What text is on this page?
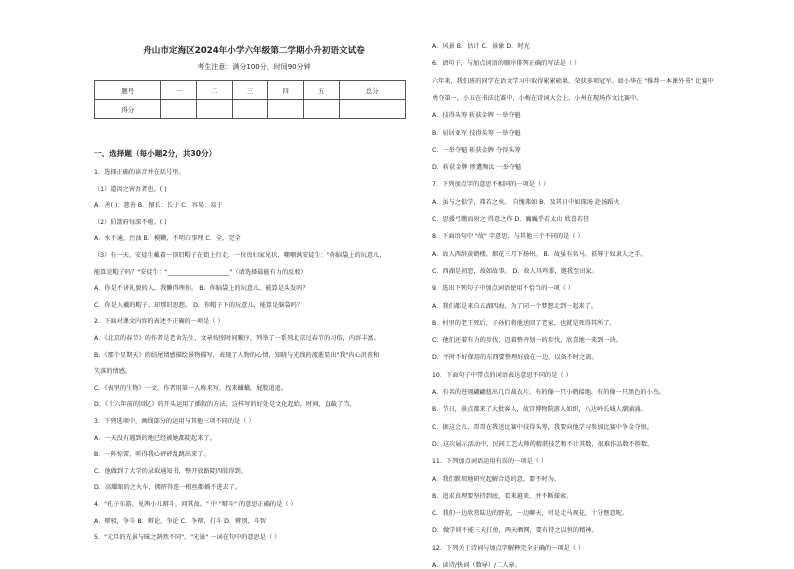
舟山市定海区2024年小学六年级第二学期小升初语文试卷
考生注意：满分100分，时间90分钟
题号	一	二	三	四	五	总分
得分						
一、选择题（每小题2分，共30分）
1．选择正确的读音并在括号里。
（1）道因之害吾者也。( )
A．善( )：慈善 B．擅长：长于 C．容易：易于
（2）伯箭府每深不啦。( )
A．水不通，污浊 B．模糊，不明白事理 C．全，完全
（3）有一天，安徒生戴着一顶旧帽子在街上行走，一位贵妇家见状，嘲嘲讽安徒生："你脑袋上的玩意儿，
能算是帽子吗？"安徒生："____________________"（请选择最能有力的反驳）
A．你是不讲礼貌的人，我懒得理你。 B．你脑袋上的玩意儿，能算是头发吗？
C．你是人戴的帽子，却那旧思想。 D．你帽子下的玩意儿，能算是脑袋吗？
2．下面对课文内容的表述不正确的一项是（ ）
A．《北京的春节》的作者是老舍先生，文章按照时间顺序，列举了一系列北京过春节的习俗，内容丰富。
B．《那个星期天》的结尾情感描绘景物描写，表现了人物的心情，知晓与光线的流逝显出"我"内心沮丧和
失落的情感。
C．《表里的生物》一文，作者用第一人称来写，找来蛐蛐，屁股追追。
D．《十六年前的回忆》的开头运用了插叙的方法，这样写的好处是文化起始，时间，直截了当。
3．下列选项中，画线部分的运用与其他三项不同的是（ ）
A．一天没有遇到的地已经被她都陡起来了。
B．一阵惊雷，听得我心砰砰乱跳出来了。
C．他做到了大学的录取通知书，整开放路陡四肢得到。
D．高耀眼的之火车，拥挤得连一根丝都插不进去了。
4．"孔子东游，见两小儿辩斗，问其故。" 中 "辩斗" 的意思正确的是（ ）
A．辩驳，争斗 B．辩论，争论 C．争辩，打斗 D．辨别，斗智
5．"元旦的光景与昧之鹄然不同"，"光景" 一词在句中的意思是（ ）
A．风景 B．估计 C．景象 D．时光
6．请句子，与加点词语的顺序排列正确的写法是（ ）
六年来，我们班的同学在语文学习中取得累累硕果，荣获多项冠军。如小华在 "推荐一本课外书" 比赛中
勇夺第一，小五在书法比赛中，小梅在诗词大会上，小州在现场作文比赛中。
A．技得头筹 斩获金牌 一举夺魁
B．屈居亚军 技得头筹 一举夺魁
C．一举夺魁 斩获金牌 夺得头筹
D．斩获金牌 惨遭淘汰 一举夺魁
7．下列加点字的意思不相同的一项是（ ）
A．虽与之俱学，弗若之矣。 自愧弗如 B．及其日中如探汤 赴汤蹈火
C．思援弓缴而射之 得意之作 D．巍巍乎若太山 欣喜若狂
8．下面语句中 "故" 字意思，与其他三个不同的是（ ）
A．故人西辞黄鹤楼，烟花三月下扬州。 B．故虽有名马，祇辱于奴隶人之手。
C．西湖是初恋，故如故事。 D．故人具鸡黍，邀我至田家。
9．选出下列句子中加点词语使用不恰当的一项（ ）
A．我们都是来自五湖四海，为了同一个梦想走到一起来了。
B．村里的老王死后，子孙们将他送回了老家，也就是死得其所了。
C．他们还着有力的步伐，迈着整齐划一的步伐，欣喜地一来到一块。
D．平时不好保用的东西要整理好放在一边，以备不时之需。
10．下面句子中带点的词语表达意思不同的是（ ）
A．有名的苍翎翩翩扭出几百裁衣片，有的像一只小鹤接地，有的像一只黑色的小鸟。
B．节日，景点都来了大批客人，故宫博物院游人如织，八达岭长城人潮涌涌。
C．据这会儿，哥哥在我送比赛中技得头筹，我要向他学习参加比赛中争金夺银。
D．这次展示活动中，民间工艺大师的精湛技艺和不计其数，很难作品数不胜数。
11．下列加点词语运用有误的一项是（ ）
A．我们默契地研究起解合适的意，要不时为。
B．追求真理要坚持到底，看来越来，并不断探索。
C．我们一边欣赏陆边的野花，一边聊天，可是走马观花，十分惬意呢。
D．做学问不能三天打鱼，两天晒网，要有持之以恒的精神。
12．下列关于诗词与加点字解释完全正确的一项是（ ）
A．读诗/快词（数导）/二人章。
